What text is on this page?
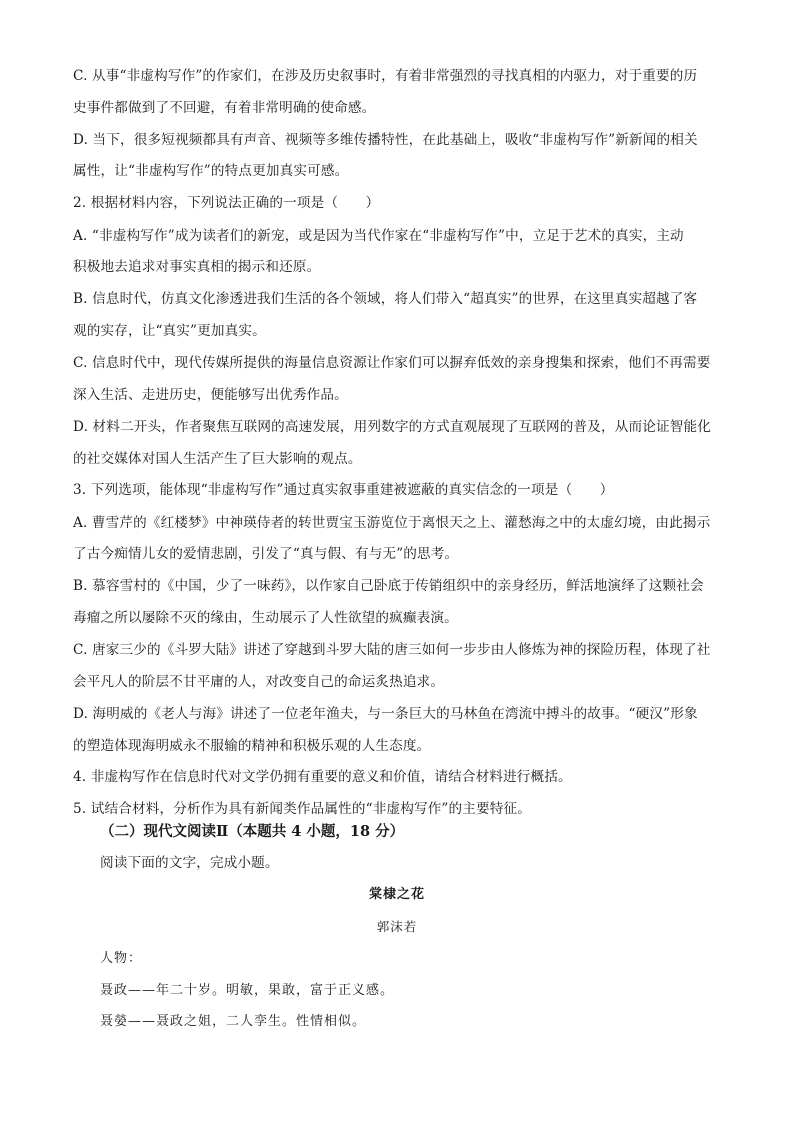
C. 从事“非虚构写作”的作家们，在涉及历史叙事时，有着非常强烈的寻找真相的内驱力，对于重要的历
史事件都做到了不回避，有着非常明确的使命感。
D. 当下，很多短视频都具有声音、视频等多维传播特性，在此基础上，吸收“非虚构写作”新新闻的相关
属性，让“非虚构写作”的特点更加真实可感。
2. 根据材料内容，下列说法正确的一项是（　　）
A. “非虚构写作”成为读者们的新宠，或是因为当代作家在“非虚构写作”中，立足于艺术的真实，主动
积极地去追求对事实真相的揭示和还原。
B. 信息时代，仿真文化渗透进我们生活的各个领域，将人们带入“超真实”的世界，在这里真实超越了客
观的实存，让“真实”更加真实。
C. 信息时代中，现代传媒所提供的海量信息资源让作家们可以摒弃低效的亲身搜集和探索，他们不再需要
深入生活、走进历史，便能够写出优秀作品。
D. 材料二开头，作者聚焦互联网的高速发展，用列数字的方式直观展现了互联网的普及，从而论证智能化
的社交媒体对国人生活产生了巨大影响的观点。
3. 下列选项，能体现“非虚构写作”通过真实叙事重建被遮蔽的真实信念的一项是（　　）
A. 曹雪芹的《红楼梦》中神瑛侍者的转世贾宝玉游览位于离恨天之上、灌愁海之中的太虚幻境，由此揭示
了古今痴情儿女的爱情悲剧，引发了“真与假、有与无”的思考。
B. 慕容雪村的《中国，少了一味药》，以作家自己卧底于传销组织中的亲身经历，鲜活地演绎了这颗社会
毒瘤之所以屡除不灭的缘由，生动展示了人性欲望的疯癫表演。
C. 唐家三少的《斗罗大陆》讲述了穿越到斗罗大陆的唐三如何一步步由人修炼为神的探险历程，体现了社
会平凡人的阶层不甘平庸的人，对改变自己的命运炙热追求。
D. 海明威的《老人与海》讲述了一位老年渔夫，与一条巨大的马林鱼在湾流中搏斗的故事。“硬汉”形象
的塑造体现海明威永不服输的精神和积极乐观的人生态度。
4. 非虚构写作在信息时代对文学仍拥有重要的意义和价值，请结合材料进行概括。
5. 试结合材料，分析作为具有新闻类作品属性的“非虚构写作”的主要特征。
（二）现代文阅读Ⅱ（本题共 4 小题，18 分）
阅读下面的文字，完成小题。
棠棣之花
郭沫若
人物：
聂政——年二十岁。明敏，果敢，富于正义感。
聂嫈——聂政之姐，二人孪生。性情相似。
